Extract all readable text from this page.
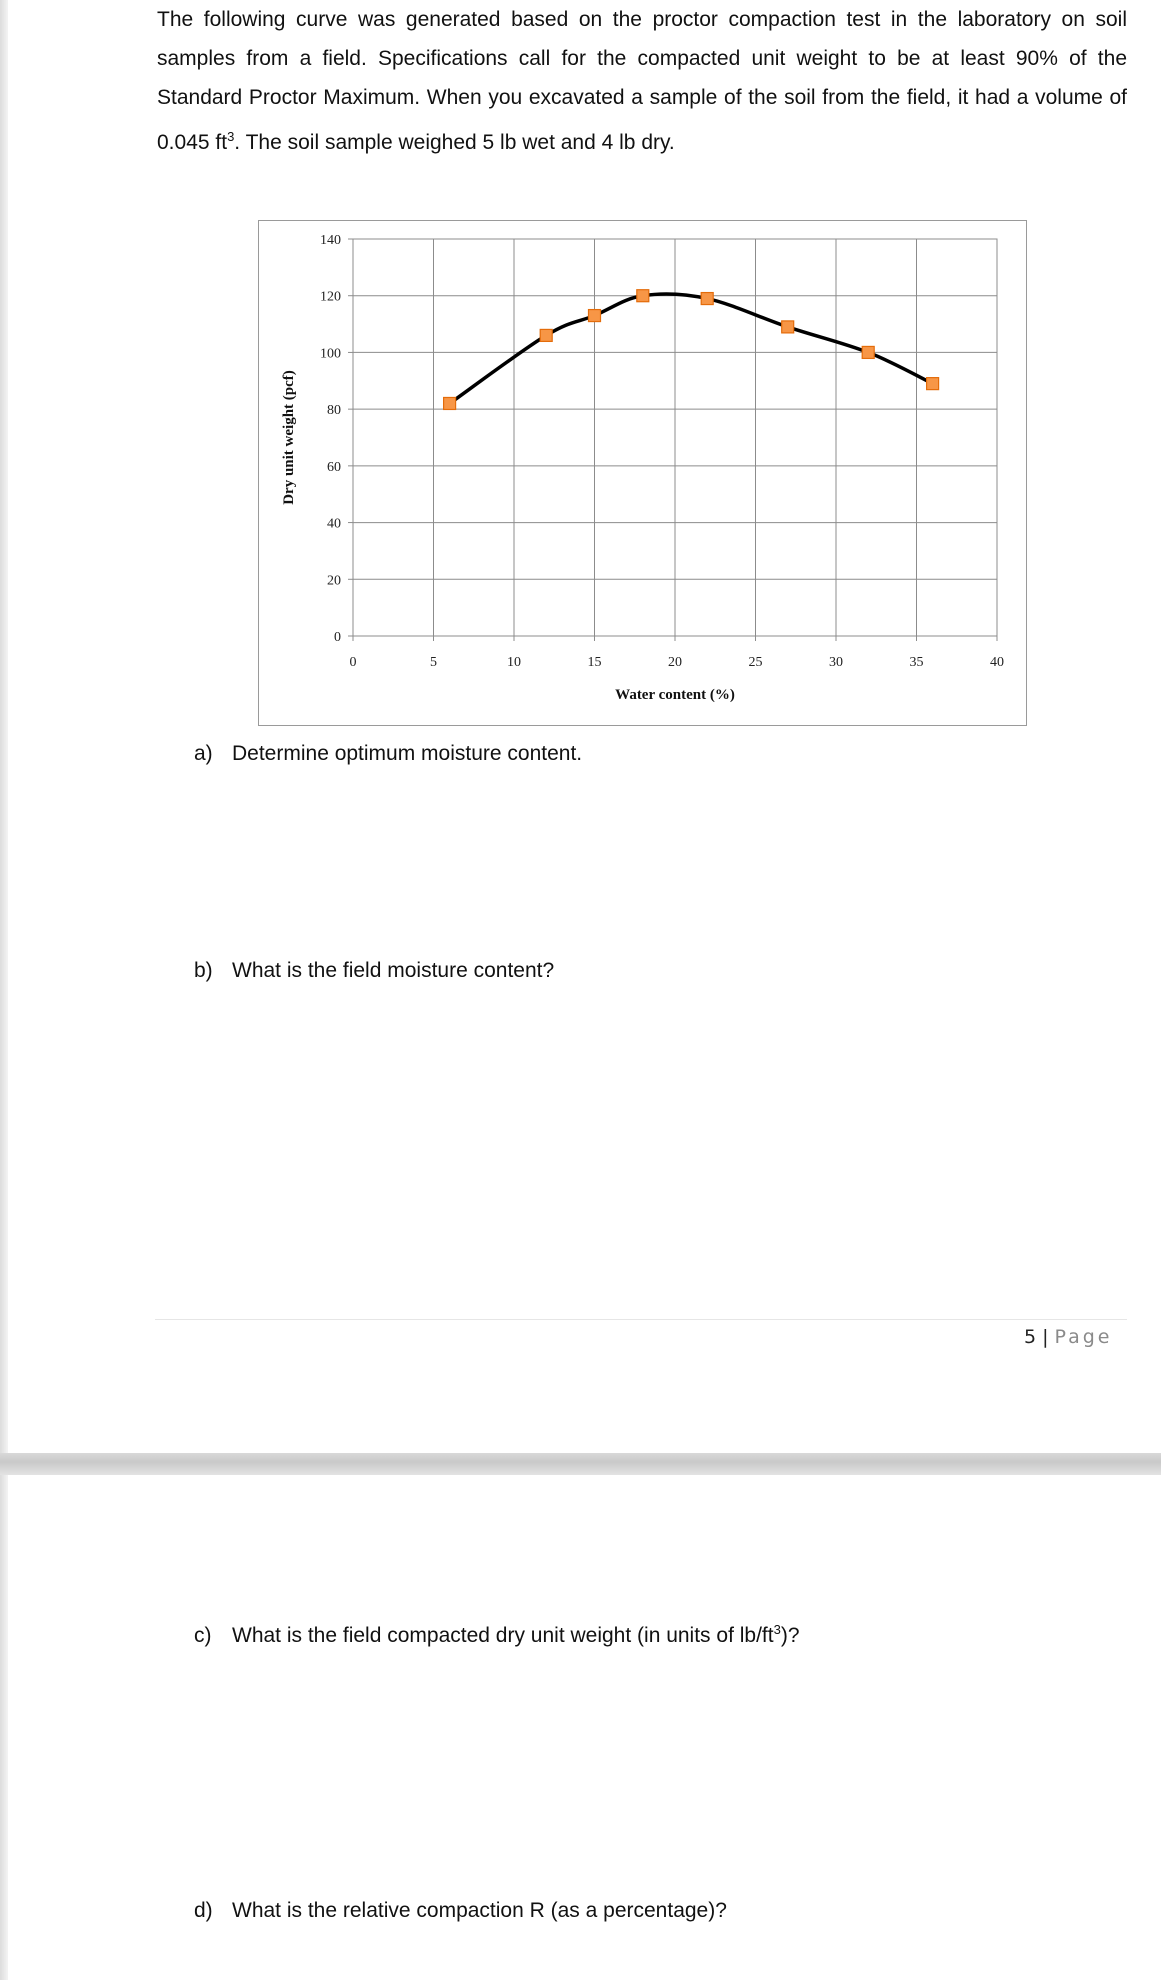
The following curve was generated based on the proctor compaction test in the laboratory on soil samples from a field. Specifications call for the compacted unit weight to be at least 90% of the Standard Proctor Maximum. When you excavated a sample of the soil from the field, it had a volume of 0.045 $ft^3$. The soil sample weighed 5 lb wet and 4 lb dry.

0
20
40
60
80
100
120
140
0	5	10	15	20	25	30	35	40
Water content (%)
Dry unit weight (pcf)

a) Determine optimum moisture content.

b) What is the field moisture content?

5 | Page

c) What is the field compacted dry unit weight (in units of $lb/ft^3$)?

d) What is the relative compaction R (as a percentage)?
